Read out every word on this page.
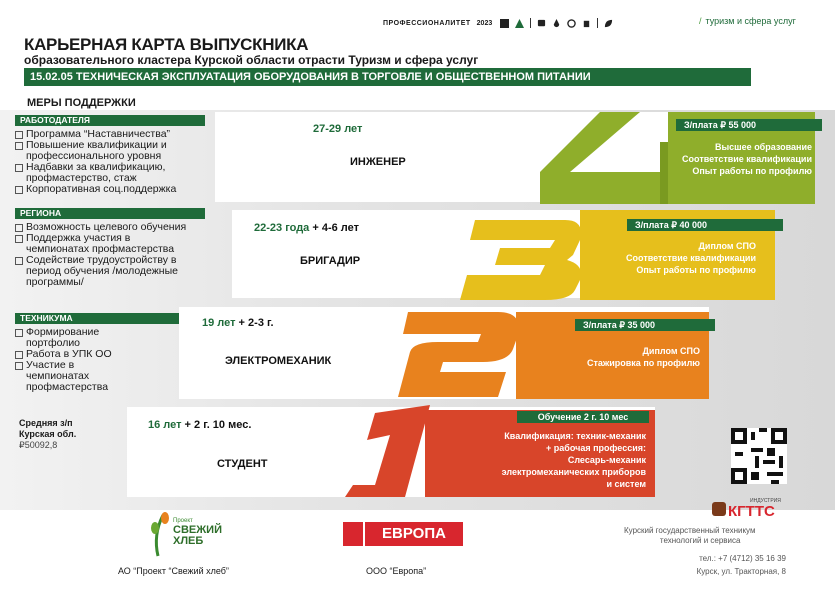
ПРОФЕССИОНАЛИТЕТ 2023	/ туризм и сфера услуг
КАРЬЕРНАЯ КАРТА ВЫПУСКНИКА
образовательного кластера Курской области отрасти Туризм и сфера услуг
15.02.05 ТЕХНИЧЕСКАЯ ЭКСПЛУАТАЦИЯ ОБОРУДОВАНИЯ В ТОРГОВЛЕ И ОБЩЕСТВЕННОМ ПИТАНИИ
МЕРЫ ПОДДЕРЖКИ
РАБОТОДАТЕЛЯ
Программа “Наставничества”
Повышение квалификации и профессионального уровня
Надбавки за квалификацию, профмастерство, стаж
Корпоративная соц.поддержка
РЕГИОНА
Возможность целевого обучения
Поддержка участия в чемпионатах профмастерства
Содействие трудоустройству в период обучения /молодежные программы/
ТЕХНИКУМА
Формирование портфолио
Работа в УПК ОО
Участие в чемпионатах профмастерства
З/плата ₽ 55 000
27-29 лет
ИНЖЕНЕР
Высшее образование
Соответствие квалификации
Опыт работы по профилю
З/плата ₽ 40 000
22-23 года + 4-6 лет
БРИГАДИР
Диплом СПО
Соответствие квалификации
Опыт работы по профилю
З/плата ₽ 35 000
19 лет + 2-3 г.
ЭЛЕКТРОМЕХАНИК
Диплом СПО
Стажировка по профилю
Обучение 2 г. 10 мес
16 лет + 2 г. 10 мес.
СТУДЕНТ
Квалификация: техник-механик
+ рабочая профессия:
Слесарь-механик
электромеханических приборов
и систем
Средняя з/п
Курская обл.
₽50092,8
Проект
СВЕЖИЙ
ХЛЕБ
АО “Проект “Свежий хлеб”
ЕВРОПА
ООО “Европа”
ИНДУСТРИЯ
КГТТС
Курский государственный техникум
технологий и сервиса
тел.: +7 (4712) 35 16 39
Курск, ул. Тракторная, 8
